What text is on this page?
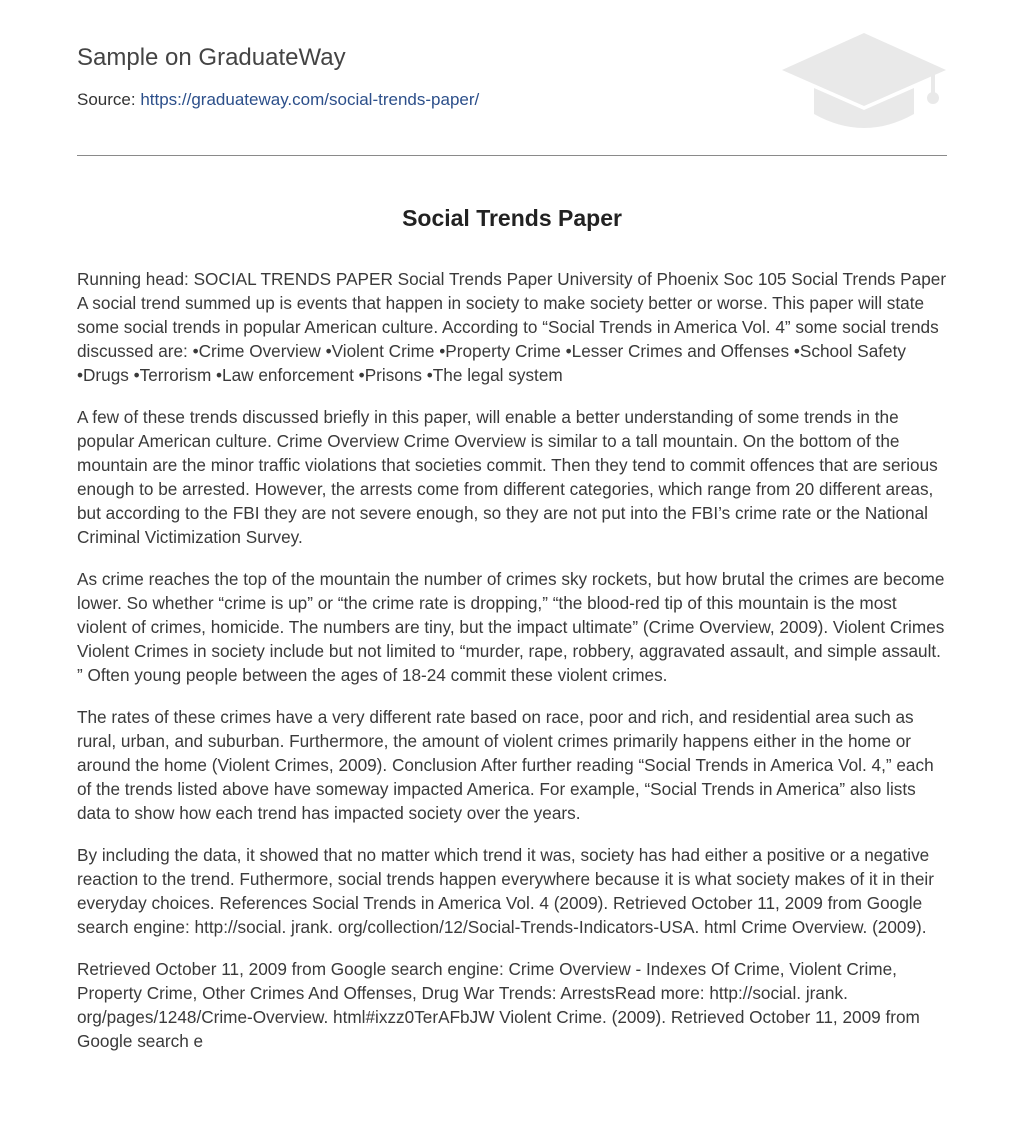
Sample on GraduateWay
Source: https://graduateway.com/social-trends-paper/
Social Trends Paper

Running head: SOCIAL TRENDS PAPER Social Trends Paper University of Phoenix Soc 105 Social Trends Paper A social trend summed up is events that happen in society to make society better or worse. This paper will state some social trends in popular American culture. According to “Social Trends in America Vol. 4” some social trends discussed are: •Crime Overview •Violent Crime •Property Crime •Lesser Crimes and Offenses •School Safety •Drugs •Terrorism •Law enforcement •Prisons •The legal system

A few of these trends discussed briefly in this paper, will enable a better understanding of some trends in the popular American culture. Crime Overview Crime Overview is similar to a tall mountain. On the bottom of the mountain are the minor traffic violations that societies commit. Then they tend to commit offences that are serious enough to be arrested. However, the arrests come from different categories, which range from 20 different areas, but according to the FBI they are not severe enough, so they are not put into the FBI’s crime rate or the National Criminal Victimization Survey.

As crime reaches the top of the mountain the number of crimes sky rockets, but how brutal the crimes are become lower. So whether “crime is up” or “the crime rate is dropping,” “the blood-red tip of this mountain is the most violent of crimes, homicide. The numbers are tiny, but the impact ultimate” (Crime Overview, 2009). Violent Crimes Violent Crimes in society include but not limited to “murder, rape, robbery, aggravated assault, and simple assault. ” Often young people between the ages of 18-24 commit these violent crimes.

The rates of these crimes have a very different rate based on race, poor and rich, and residential area such as rural, urban, and suburban. Furthermore, the amount of violent crimes primarily happens either in the home or around the home (Violent Crimes, 2009). Conclusion After further reading “Social Trends in America Vol. 4,” each of the trends listed above have someway impacted America. For example, “Social Trends in America” also lists data to show how each trend has impacted society over the years.

By including the data, it showed that no matter which trend it was, society has had either a positive or a negative reaction to the trend. Futhermore, social trends happen everywhere because it is what society makes of it in their everyday choices. References Social Trends in America Vol. 4 (2009). Retrieved October 11, 2009 from Google search engine: http://social. jrank. org/collection/12/Social-Trends-Indicators-USA. html Crime Overview. (2009).

Retrieved October 11, 2009 from Google search engine: Crime Overview - Indexes Of Crime, Violent Crime, Property Crime, Other Crimes And Offenses, Drug War Trends: ArrestsRead more: http://social. jrank. org/pages/1248/Crime-Overview. html#ixzz0TerAFbJW Violent Crime. (2009). Retrieved October 11, 2009 from Google search e
